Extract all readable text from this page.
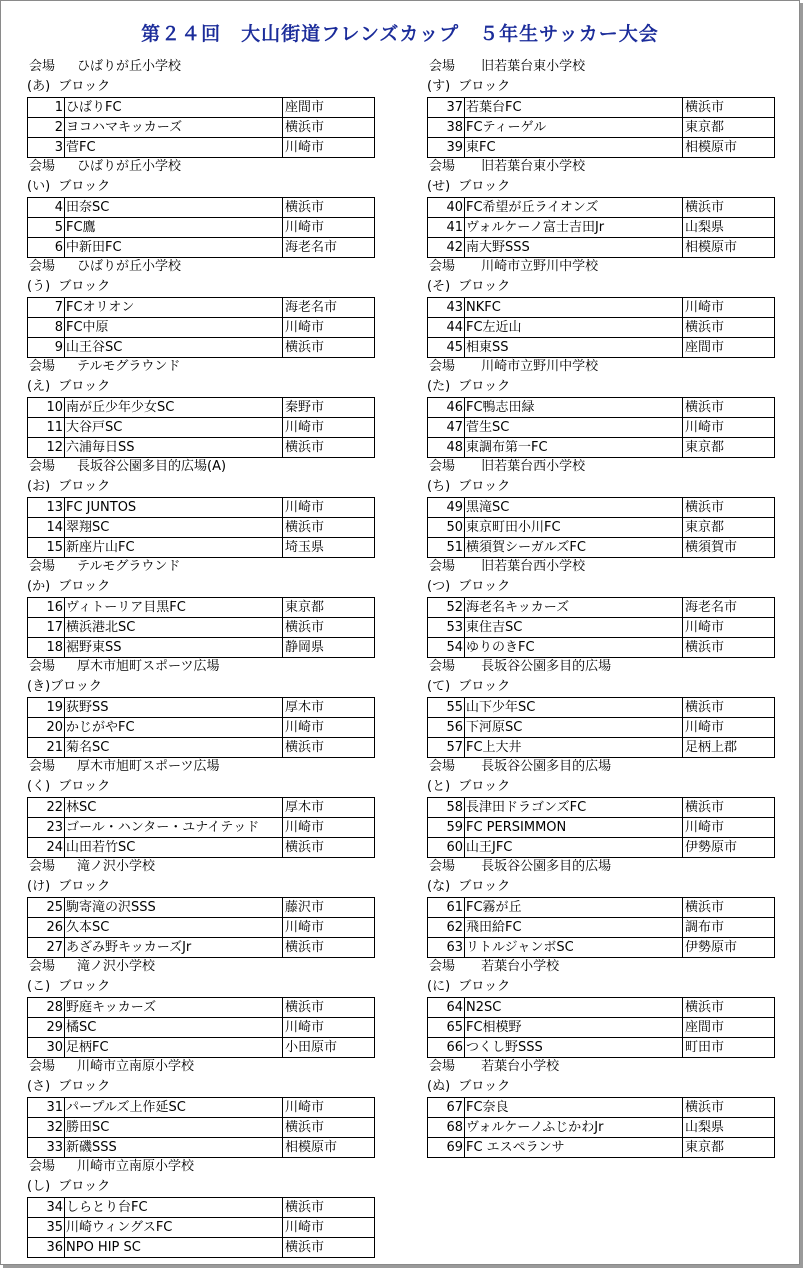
第２４回　大山街道フレンズカップ　５年生サッカー大会
会場 ひばりが丘小学校
(あ)  ブロック
1	ひばりFC	座間市
2	ヨコハマキッカーズ	横浜市
3	菅FC	川崎市
会場 ひばりが丘小学校
(い)  ブロック
4	田奈SC	横浜市
5	FC鷹	川崎市
6	中新田FC	海老名市
会場 ひばりが丘小学校
(う)  ブロック
7	FCオリオン	海老名市
8	FC中原	川崎市
9	山王谷SC	横浜市
会場 テルモグラウンド
(え)  ブロック
10	南が丘少年少女SC	秦野市
11	大谷戸SC	川崎市
12	六浦毎日SS	横浜市
会場 長坂谷公園多目的広場(A)
(お)  ブロック
13	FC JUNTOS	川崎市
14	翠翔SC	横浜市
15	新座片山FC	埼玉県
会場 テルモグラウンド
(か)  ブロック
16	ヴィトーリア目黒FC	東京都
17	横浜港北SC	横浜市
18	裾野東SS	静岡県
会場 厚木市旭町スポーツ広場
(き)ブロック
19	荻野SS	厚木市
20	かじがやFC	川崎市
21	菊名SC	横浜市
会場 厚木市旭町スポーツ広場
(く)  ブロック
22	林SC	厚木市
23	ゴール・ハンター・ユナイテッド	川崎市
24	山田若竹SC	横浜市
会場 滝ノ沢小学校
(け)  ブロック
25	駒寄滝の沢SSS	藤沢市
26	久本SC	川崎市
27	あざみ野キッカーズJr	横浜市
会場 滝ノ沢小学校
(こ)  ブロック
28	野庭キッカーズ	横浜市
29	橘SC	川崎市
30	足柄FC	小田原市
会場 川崎市立南原小学校
(さ)  ブロック
31	パープルズ上作延SC	川崎市
32	勝田SC	横浜市
33	新磯SSS	相模原市
会場 川崎市立南原小学校
(し)  ブロック
34	しらとり台FC	横浜市
35	川崎ウィングスFC	川崎市
36	NPO HIP SC	横浜市
会場 旧若葉台東小学校
(す)  ブロック
37	若葉台FC	横浜市
38	FCティーゲル	東京都
39	東FC	相模原市
会場 旧若葉台東小学校
(せ)  ブロック
40	FC希望が丘ライオンズ	横浜市
41	ヴォルケーノ富士吉田Jr	山梨県
42	南大野SSS	相模原市
会場 川崎市立野川中学校
(そ)  ブロック
43	NKFC	川崎市
44	FC左近山	横浜市
45	相東SS	座間市
会場 川崎市立野川中学校
(た)  ブロック
46	FC鴨志田緑	横浜市
47	菅生SC	川崎市
48	東調布第一FC	東京都
会場 旧若葉台西小学校
(ち)  ブロック
49	黒滝SC	横浜市
50	東京町田小川FC	東京都
51	横須賀シーガルズFC	横須賀市
会場 旧若葉台西小学校
(つ)  ブロック
52	海老名キッカーズ	海老名市
53	東住吉SC	川崎市
54	ゆりのきFC	横浜市
会場 長坂谷公園多目的広場
(て)  ブロック
55	山下少年SC	横浜市
56	下河原SC	川崎市
57	FC上大井	足柄上郡
会場 長坂谷公園多目的広場
(と)  ブロック
58	長津田ドラゴンズFC	横浜市
59	FC PERSIMMON	川崎市
60	山王JFC	伊勢原市
会場 長坂谷公園多目的広場
(な)  ブロック
61	FC霧が丘	横浜市
62	飛田給FC	調布市
63	リトルジャンボSC	伊勢原市
会場 若葉台小学校
(に)  ブロック
64	N2SC	横浜市
65	FC相模野	座間市
66	つくし野SSS	町田市
会場 若葉台小学校
(ぬ)  ブロック
67	FC奈良	横浜市
68	ヴォルケーノふじかわJr	山梨県
69	FC エスペランサ	東京都
